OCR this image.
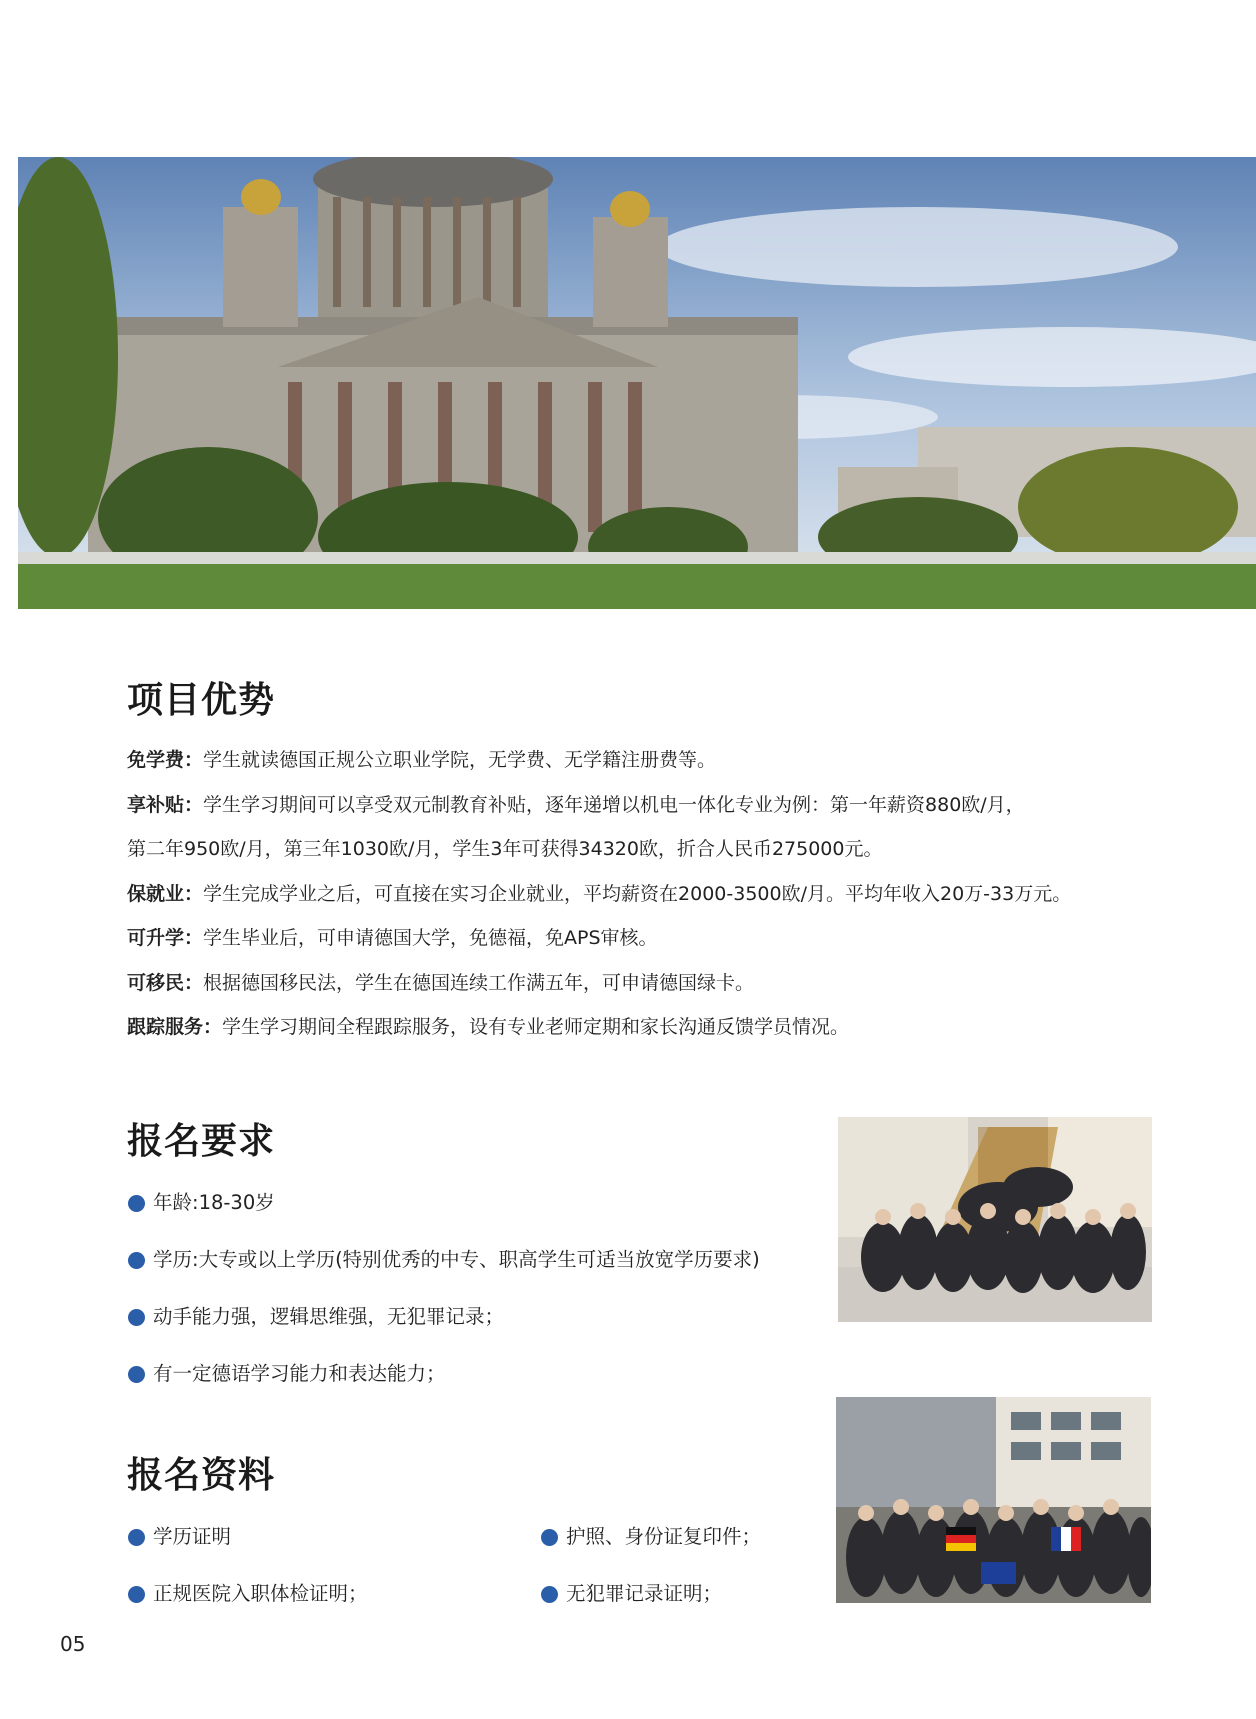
项目优势
免学费：学生就读德国正规公立职业学院，无学费、无学籍注册费等。
享补贴：学生学习期间可以享受双元制教育补贴，逐年递增以机电一体化专业为例：第一年薪资880欧/月，
第二年950欧/月，第三年1030欧/月，学生3年可获得34320欧，折合人民币275000元。
保就业：学生完成学业之后，可直接在实习企业就业，平均薪资在2000-3500欧/月。平均年收入20万-33万元。
可升学：学生毕业后，可申请德国大学，免德福，免APS审核。
可移民：根据德国移民法，学生在德国连续工作满五年，可申请德国绿卡。
跟踪服务：学生学习期间全程跟踪服务，设有专业老师定期和家长沟通反馈学员情况。
报名要求
年龄:18-30岁
学历:大专或以上学历(特别优秀的中专、职高学生可适当放宽学历要求)
动手能力强，逻辑思维强，无犯罪记录；
有一定德语学习能力和表达能力；
报名资料
学历证明
正规医院入职体检证明；
护照、身份证复印件；
无犯罪记录证明；
05
